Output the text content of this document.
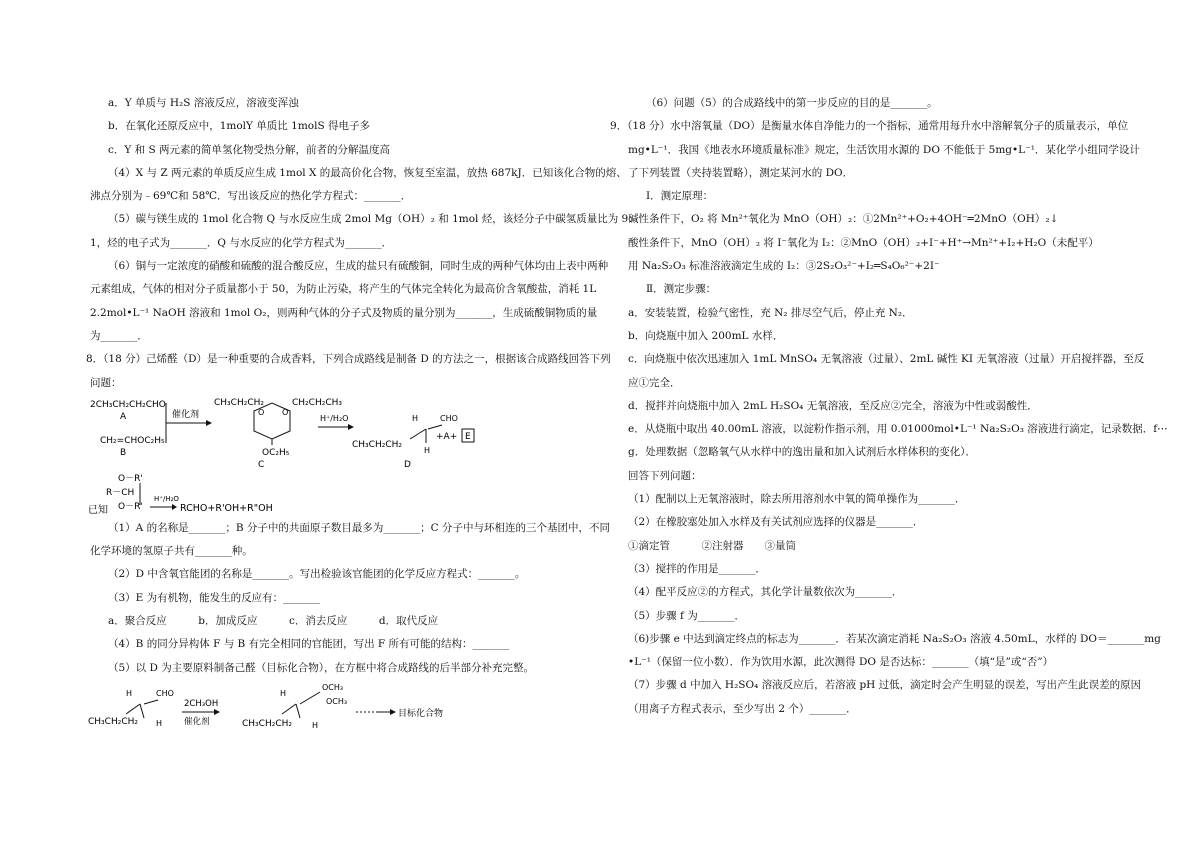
a．Y 单质与 H₂S 溶液反应，溶液变浑浊
b．在氧化还原反应中，1molY 单质比 1molS 得电子多
c．Y 和 S 两元素的简单氢化物受热分解，前者的分解温度高
（4）X 与 Z 两元素的单质反应生成 1mol X 的最高价化合物，恢复至室温，放热 687kJ．已知该化合物的熔、
沸点分别为﹣69℃和 58℃．写出该反应的热化学方程式：_______．
（5）碳与镁生成的 1mol 化合物 Q 与水反应生成 2mol Mg（OH）₂ 和 1mol 烃，该烃分子中碳氢质量比为 9：
1，烃的电子式为_______．Q 与水反应的化学方程式为_______．
（6）铜与一定浓度的硝酸和硫酸的混合酸反应，生成的盐只有硫酸铜，同时生成的两种气体均由上表中两种
元素组成，气体的相对分子质量都小于 50，为防止污染，将产生的气体完全转化为最高价含氧酸盐，消耗 1L
2.2mol•L⁻¹ NaOH 溶液和 1mol O₂，则两种气体的分子式及物质的量分别为_______，生成硫酸铜物质的量
为_______．
8．（18 分）己烯醛（D）是一种重要的合成香料，下列合成路线是制备 D 的方法之一，根据该合成路线回答下列
问题：
2CH₃CH₂CH₂CHO
A
CH₂=CHOC₂H₅
B
催化剂
CH₃CH₂CH₂	CH₂CH₂CH₃
O O
OC₂H₅
C
H⁺/H₂O	H	CHO
CH₃CH₂CH₂
H
D
+A+ E
O－R'
R－CH
已知 O－R'
H⁺/H₂O
RCHO+R'OH+R"OH
（1）A 的名称是_______；B 分子中的共面原子数目最多为_______；C 分子中与环相连的三个基团中，不同
化学环境的氢原子共有_______种。
（2）D 中含氧官能团的名称是_______。写出检验该官能团的化学反应方程式：_______。
（3）E 为有机物，能发生的反应有：_______
a．聚合反应　　　b．加成反应　　　c．消去反应　　　d．取代反应
（4）B 的同分异构体 F 与 B 有完全相同的官能团，写出 F 所有可能的结构：_______
（5）以 D 为主要原料制备己醛（目标化合物），在方框中将合成路线的后半部分补充完整。
H	CHO
CH₃CH₂CH₂ H
2CH₃OH
催化剂
H
OCH₃
OCH₃
CH₃CH₂CH₂	H
目标化合物
（6）问题（5）的合成路线中的第一步反应的目的是_______。
9．（18 分）水中溶氧量（DO）是衡量水体自净能力的一个指标，通常用每升水中溶解氧分子的质量表示，单位
mg•L⁻¹．我国《地表水环境质量标准》规定，生活饮用水源的 DO 不能低于 5mg•L⁻¹．某化学小组同学设计
了下列装置（夹持装置略），测定某河水的 DO．
Ⅰ．测定原理：
碱性条件下，O₂ 将 Mn²⁺氧化为 MnO（OH）₂：①2Mn²⁺+O₂+4OH⁻═2MnO（OH）₂↓
酸性条件下，MnO（OH）₂ 将 I⁻氧化为 I₂：②MnO（OH）₂+I⁻+H⁺→Mn²⁺+I₂+H₂O（未配平）
用 Na₂S₂O₃ 标准溶液滴定生成的 I₂：③2S₂O₃²⁻+I₂═S₄O₆²⁻+2I⁻
Ⅱ．测定步骤：
a．安装装置，检验气密性，充 N₂ 排尽空气后，停止充 N₂．
b．向烧瓶中加入 200mL 水样．
c．向烧瓶中依次迅速加入 1mL MnSO₄ 无氧溶液（过量）、2mL 碱性 KI 无氧溶液（过量）开启搅拌器，至反
应①完全．
d．搅拌并向烧瓶中加入 2mL H₂SO₄ 无氧溶液，至反应②完全，溶液为中性或弱酸性．
e．从烧瓶中取出 40.00mL 溶液，以淀粉作指示剂，用 0.01000mol•L⁻¹ Na₂S₂O₃ 溶液进行滴定，记录数据．f⋯
g．处理数据（忽略氧气从水样中的逸出量和加入试剂后水样体积的变化）．
回答下列问题：
（1）配制以上无氧溶液时，除去所用溶剂水中氧的简单操作为_______．
（2）在橡胶塞处加入水样及有关试剂应选择的仪器是_______．
①滴定管　　　②注射器　　③量筒
（3）搅拌的作用是_______．
（4）配平反应②的方程式，其化学计量数依次为_______．
（5）步骤 f 为_______．
（6)步骤 e 中达到滴定终点的标志为_______．若某次滴定消耗 Na₂S₂O₃ 溶液 4.50mL，水样的 DO＝_______mg
•L⁻¹（保留一位小数）．作为饮用水源，此次测得 DO 是否达标：_______（填“是”或“否”）
（7）步骤 d 中加入 H₂SO₄ 溶液反应后，若溶液 pH 过低，滴定时会产生明显的误差，写出产生此误差的原因
（用离子方程式表示，至少写出 2 个）_______．
